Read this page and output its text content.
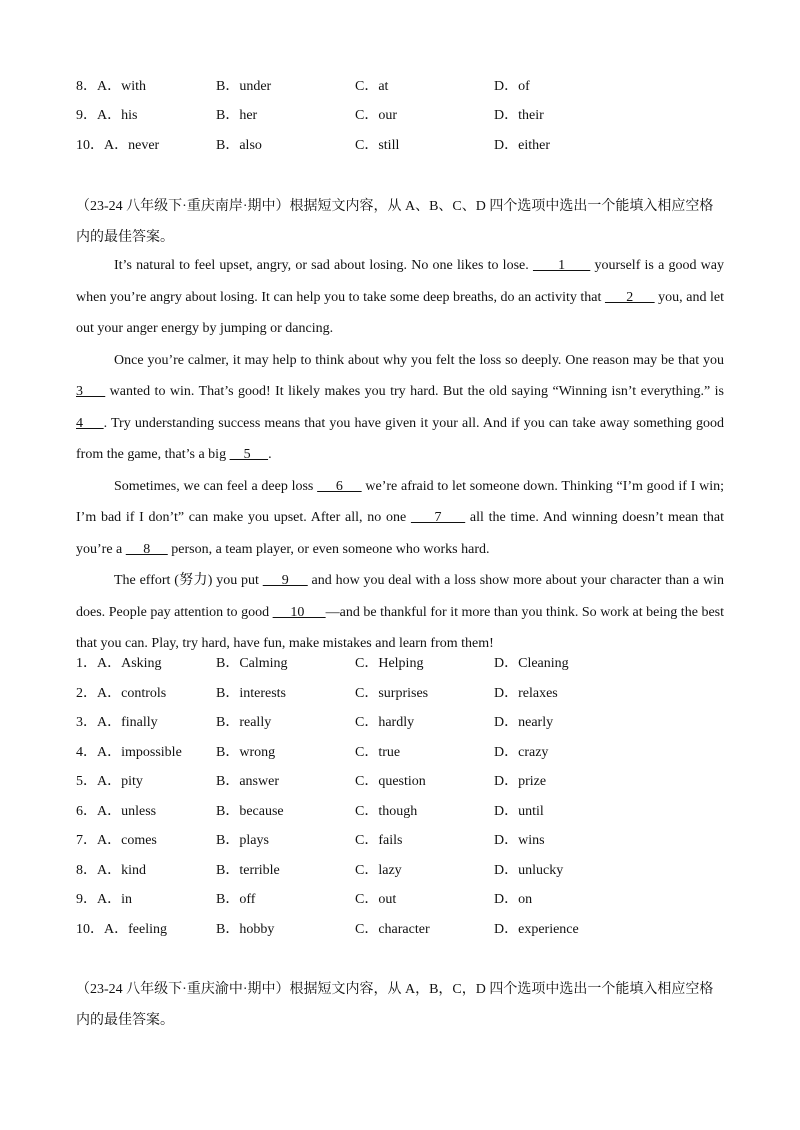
8．A．with	B．under	C．at	D．of
9．A．his	B．her	C．our	D．their
10．A．never	B．also	C．still	D．either
（23-24 八年级下·重庆南岸·期中）根据短文内容，从 A、B、C、D 四个选项中选出一个能填入相应空格内的最佳答案。

It’s natural to feel upset, angry, or sad about losing. No one likes to lose.       1       yourself is a good way when you’re angry about losing. It can help you to take some deep breaths, do an activity that       2       you, and let out your anger energy by jumping or dancing.

Once you’re calmer, it may help to think about why you felt the loss so deeply. One reason may be that you 3      wanted to win. That’s good! It likely makes you try hard. But the old saying “Winning isn’t everything.” is 4     . Try understanding success means that you have given it your all. And if you can take away something good from the game, that’s a big     5     .

Sometimes, we can feel a deep loss      6      we’re afraid to let someone down. Thinking “I’m good if I win; I’m bad if I don’t” can make you upset. After all, no one      7      all the time. And winning doesn’t mean that you’re a      8      person, a team player, or even someone who works hard.

The effort (努力) you put      9      and how you deal with a loss show more about your character than a win does. People pay attention to good      10      —and be thankful for it more than you think. So work at being the best that you can. Play, try hard, have fun, make mistakes and learn from them!

1．A．Asking	B．Calming	C．Helping	D．Cleaning
2．A．controls	B．interests	C．surprises	D．relaxes
3．A．finally	B．really	C．hardly	D．nearly
4．A．impossible B．wrong	C．true	D．crazy
5．A．pity	B．answer	C．question	D．prize
6．A．unless	B．because	C．though	D．until
7．A．comes	B．plays	C．fails	D．wins
8．A．kind	B．terrible	C．lazy	D．unlucky
9．A．in	B．off	C．out	D．on
10．A．feeling	B．hobby	C．character	D．experience
（23-24 八年级下·重庆渝中·期中）根据短文内容，从 A，B，C，D 四个选项中选出一个能填入相应空格内的最佳答案。
